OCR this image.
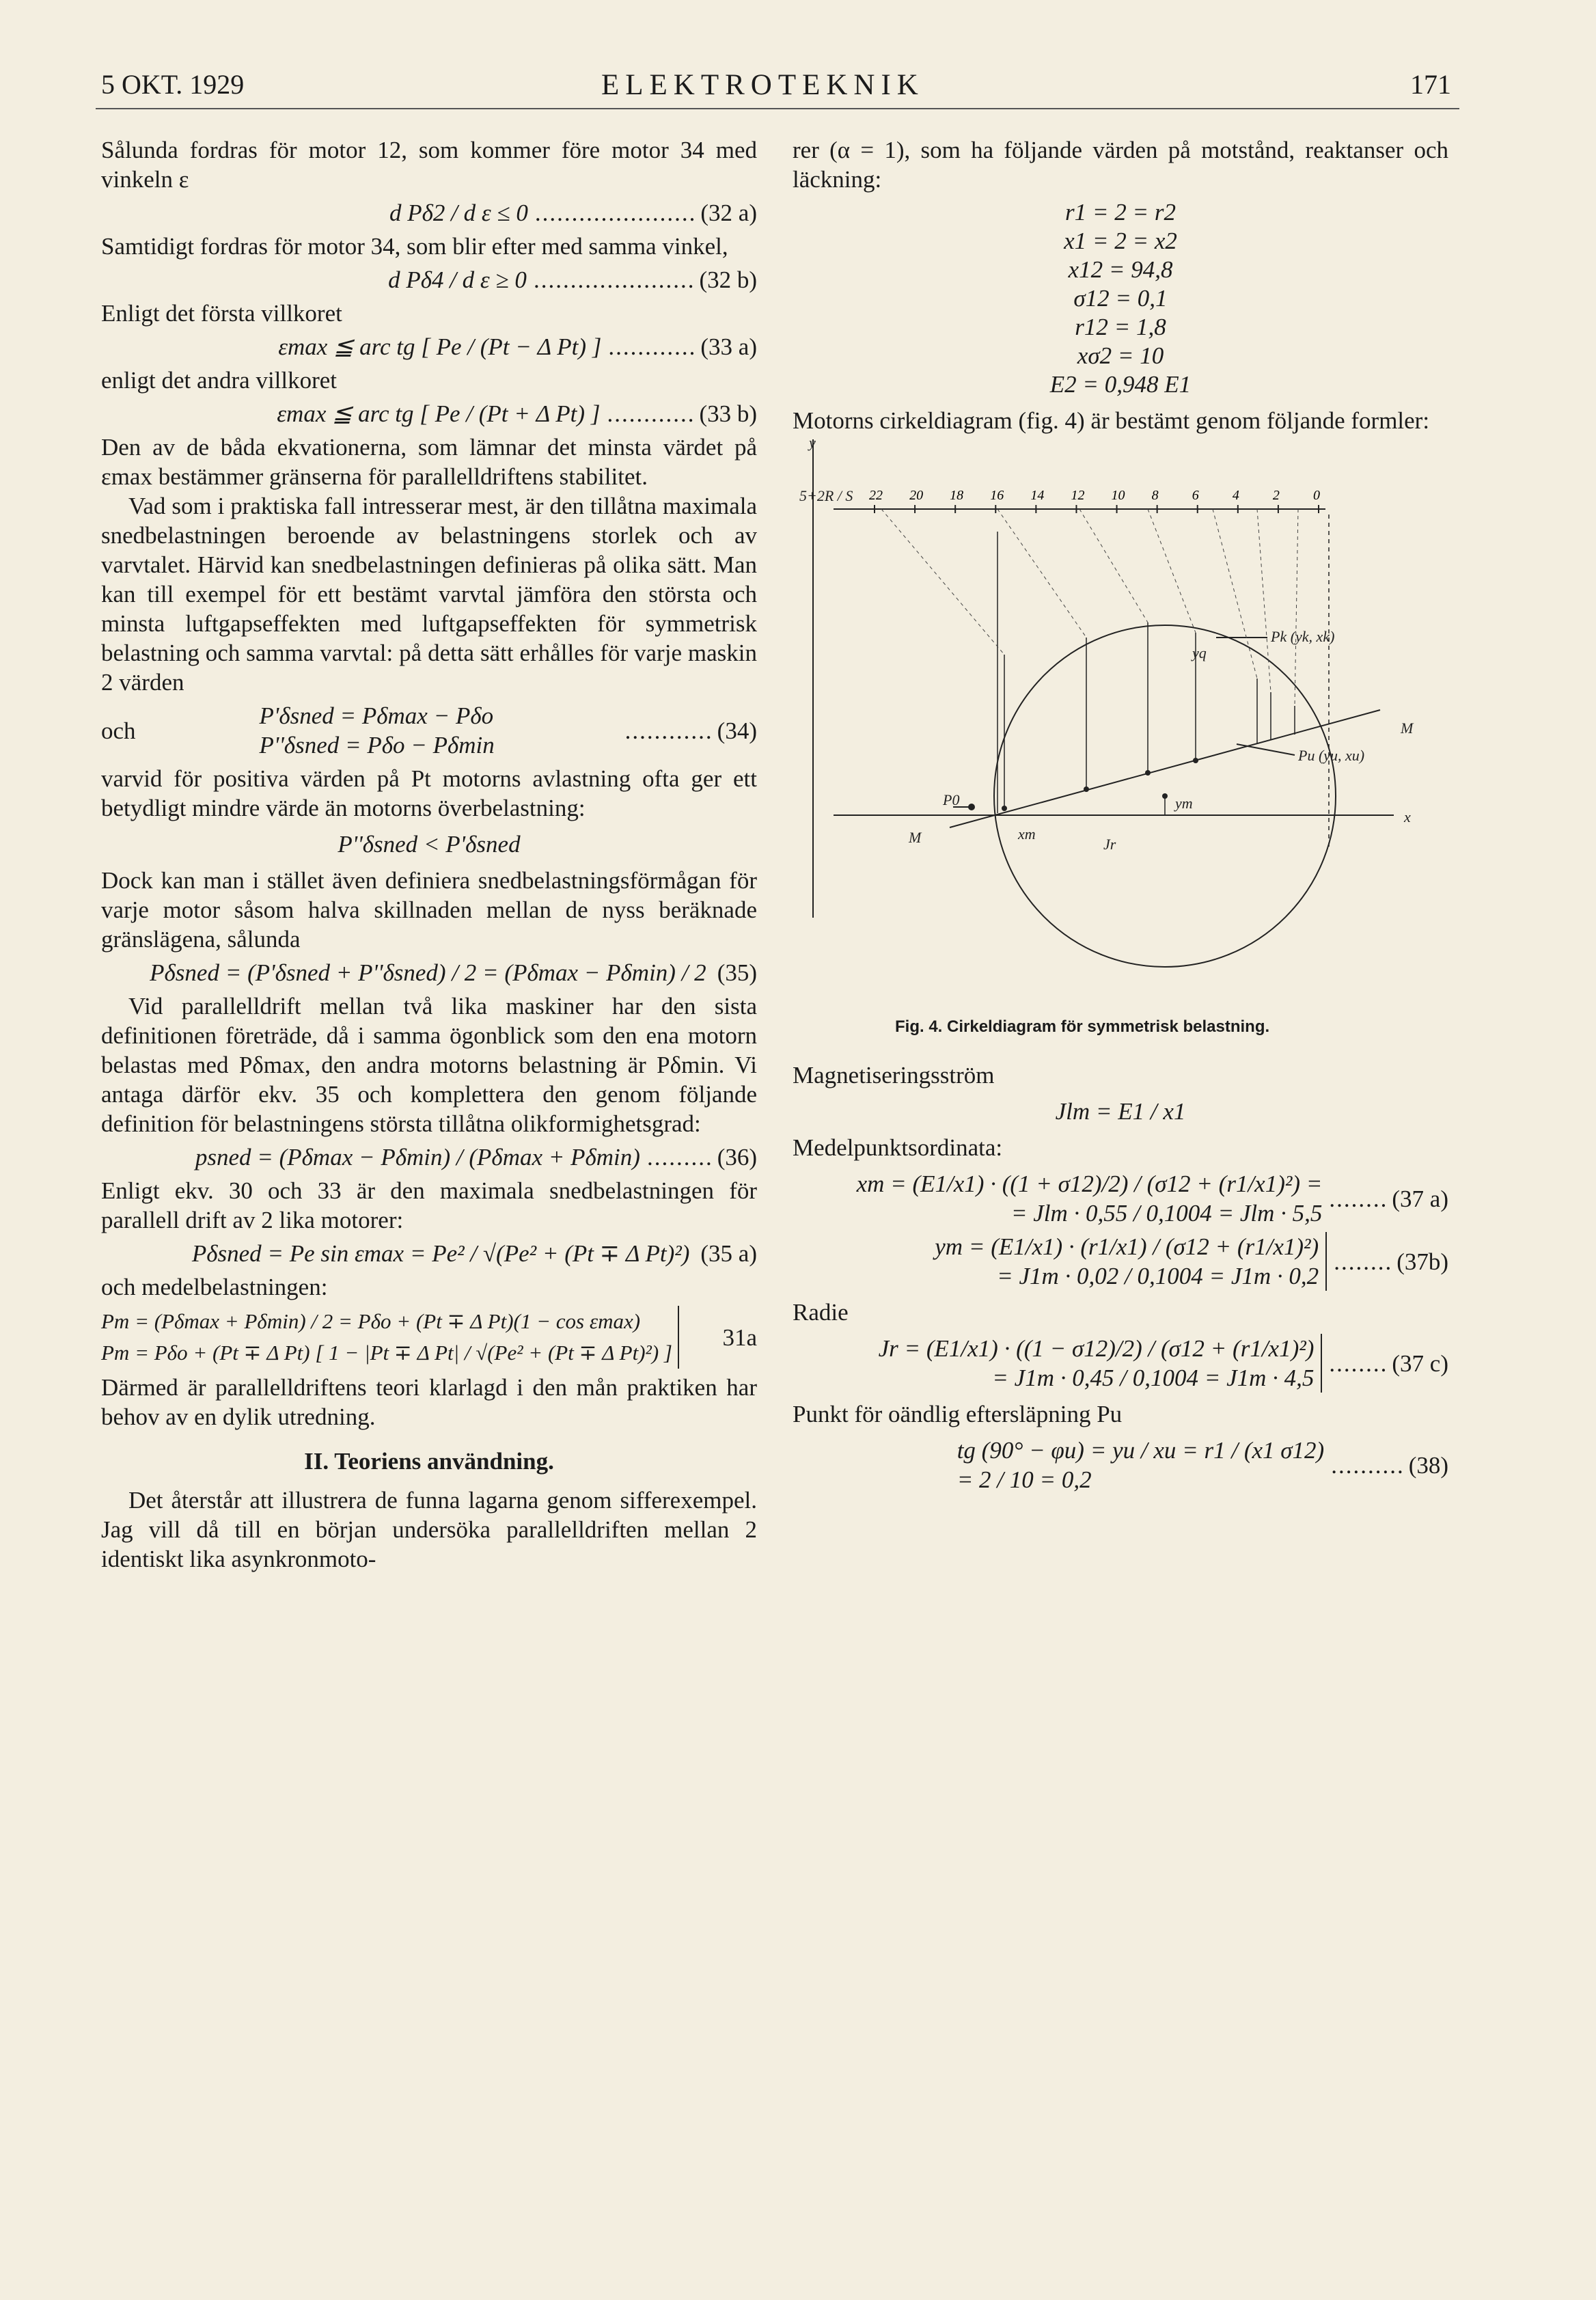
5 OKT. 1929	ELEKTROTEKNIK	171

Sålunda fordras för motor 12, som kommer före motor 34 med vinkeln ε

d Pδ2 / d ε ≤ 0 ...................... (32 a)

Samtidigt fordras för motor 34, som blir efter med samma vinkel,

d Pδ4 / d ε ≥ 0 ...................... (32 b)

Enligt det första villkoret

εmax ≦ arc tg [ Pe / (Pt − Δ Pt) ] ............ (33 a)

enligt det andra villkoret

εmax ≦ arc tg [ Pe / (Pt + Δ Pt) ] ............ (33 b)

Den av de båda ekvationerna, som lämnar det minsta värdet på εmax bestämmer gränserna för parallelldriftens stabilitet.

Vad som i praktiska fall intresserar mest, är den tillåtna maximala snedbelastningen beroende av belastningens storlek och av varvtalet. Härvid kan snedbelastningen definieras på olika sätt. Man kan till exempel för ett bestämt varvtal jämföra den största och minsta luftgapseffekten med luftgapseffekten för symmetrisk belastning och samma varvtal: på detta sätt erhålles för varje maskin 2 värden

och
P'δsned = Pδmax − Pδo
P''δsned = Pδo − Pδmin
............ (34)

varvid för positiva värden på Pt motorns avlastning ofta ger ett betydligt mindre värde än motorns överbelastning:

P''δsned < P'δsned

Dock kan man i stället även definiera snedbelastningsförmågan för varje motor såsom halva skillnaden mellan de nyss beräknade gränslägena, sålunda

Pδsned = (P'δsned + P''δsned) / 2 = (Pδmax − Pδmin) / 2 (35)

Vid parallelldrift mellan två lika maskiner har den sista definitionen företräde, då i samma ögonblick som den ena motorn belastas med Pδmax, den andra motorns belastning är Pδmin. Vi antaga därför ekv. 35 och komplettera den genom följande definition för belastningens största tillåtna olikformighetsgrad:

psned = (Pδmax − Pδmin) / (Pδmax + Pδmin) ......... (36)

Enligt ekv. 30 och 33 är den maximala snedbelastningen för parallell drift av 2 lika motorer:

Pδsned = Pe sin εmax = Pe² / √(Pe² + (Pt ∓ Δ Pt)²) (35 a)

och medelbelastningen:

Pm = (Pδmax + Pδmin) / 2 = Pδo + (Pt ∓ Δ Pt)(1 − cos εmax)
Pm = Pδo + (Pt ∓ Δ Pt) [ 1 − |Pt ∓ Δ Pt| / √(Pe² + (Pt ∓ Δ Pt)²) ]
31a

Därmed är parallelldriftens teori klarlagd i den mån praktiken har behov av en dylik utredning.

II. Teoriens användning.

Det återstår att illustrera de funna lagarna genom sifferexempel. Jag vill då till en början undersöka parallelldriften mellan 2 identiskt lika asynkronmoto-

rer (α = 1), som ha följande värden på motstånd, reaktanser och läckning:

r1 = 2 = r2
x1 = 2 = x2
x12 = 94,8
σ12 = 0,1
r12 = 1,8
xσ2 = 10
E2 = 0,948 E1

Motorns cirkeldiagram (fig. 4) är bestämt genom följande formler:

22 20 18 16 14 12 10 8 6 4 2 0
5+2R / S
M
M
x
Jr
xm
ym
yq
Pk (yk, xk)
Pu (yu, xu)
P0
y
Fig. 4. Cirkeldiagram för symmetrisk belastning.
Magnetiseringsström
Jlm = E1 / x1
Medelpunktsordinata:
xm = (E1/x1) · ((1 + σ12)/2) / (σ12 + (r1/x1)²) =
= Jlm · 0,55 / 0,1004 = Jlm · 5,5
........ (37 a)
ym = (E1/x1) · (r1/x1) / (σ12 + (r1/x1)²)
= J1m · 0,02 / 0,1004 = J1m · 0,2
........ (37b)
Radie
Jr = (E1/x1) · ((1 − σ12)/2) / (σ12 + (r1/x1)²)
= J1m · 0,45 / 0,1004 = J1m · 4,5
........ (37 c)
Punkt för oändlig eftersläpning Pu
tg (90° − φu) = yu / xu = r1 / (x1 σ12)
= 2 / 10 = 0,2
.......... (38)
